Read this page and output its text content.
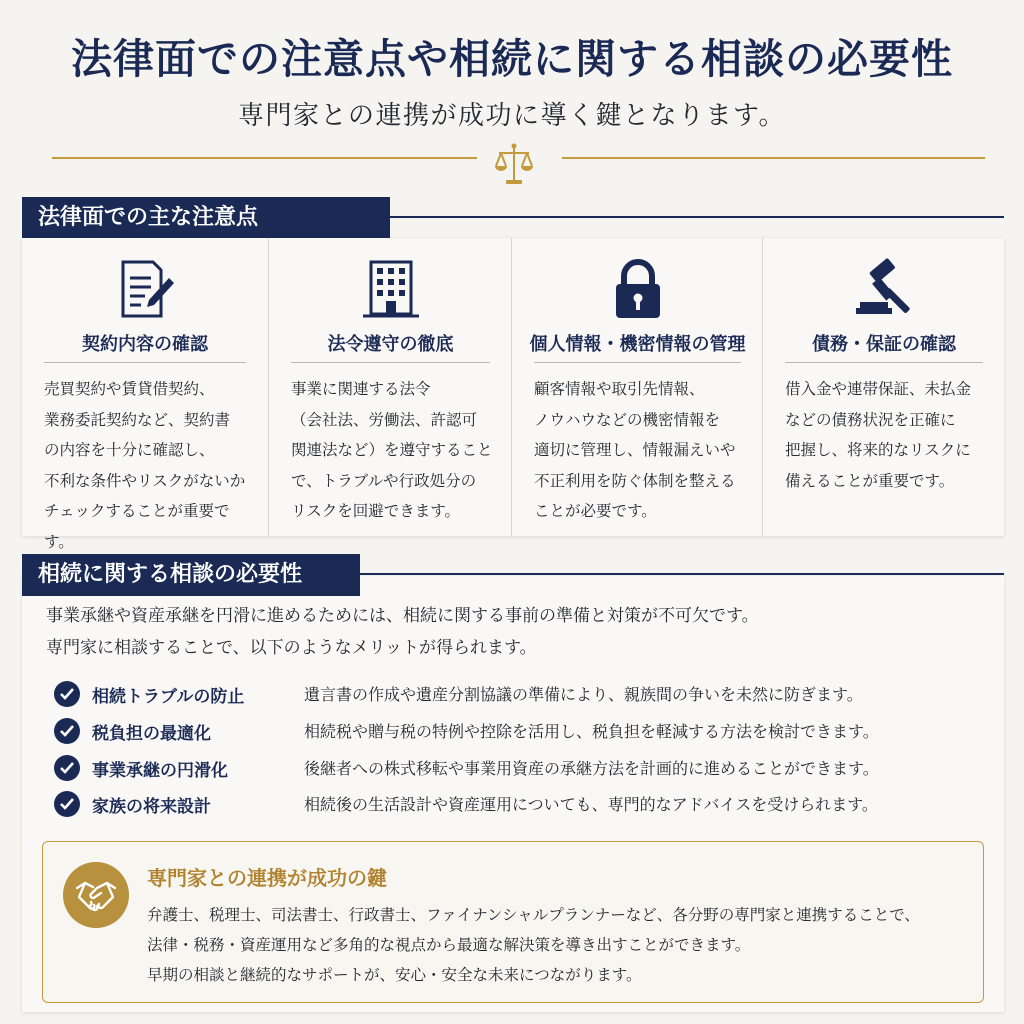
法律面での注意点や相続に関する相談の必要性
専門家との連携が成功に導く鍵となります。
法律面での主な注意点
契約内容の確認
売買契約や賃貸借契約、
業務委託契約など、契約書
の内容を十分に確認し、
不利な条件やリスクがないか
チェックすることが重要です。
法令遵守の徹底
事業に関連する法令
（会社法、労働法、許認可
関連法など）を遵守すること
で、トラブルや行政処分の
リスクを回避できます。
個人情報・機密情報の管理
顧客情報や取引先情報、
ノウハウなどの機密情報を
適切に管理し、情報漏えいや
不正利用を防ぐ体制を整える
ことが必要です。
債務・保証の確認
借入金や連帯保証、未払金
などの債務状況を正確に
把握し、将来的なリスクに
備えることが重要です。
相続に関する相談の必要性
事業承継や資産承継を円滑に進めるためには、相続に関する事前の準備と対策が不可欠です。
専門家に相談することで、以下のようなメリットが得られます。
相続トラブルの防止	遺言書の作成や遺産分割協議の準備により、親族間の争いを未然に防ぎます。
税負担の最適化	相続税や贈与税の特例や控除を活用し、税負担を軽減する方法を検討できます。
事業承継の円滑化	後継者への株式移転や事業用資産の承継方法を計画的に進めることができます。
家族の将来設計	相続後の生活設計や資産運用についても、専門的なアドバイスを受けられます。
専門家との連携が成功の鍵
弁護士、税理士、司法書士、行政書士、ファイナンシャルプランナーなど、各分野の専門家と連携することで、
法律・税務・資産運用など多角的な視点から最適な解決策を導き出すことができます。
早期の相談と継続的なサポートが、安心・安全な未来につながります。
